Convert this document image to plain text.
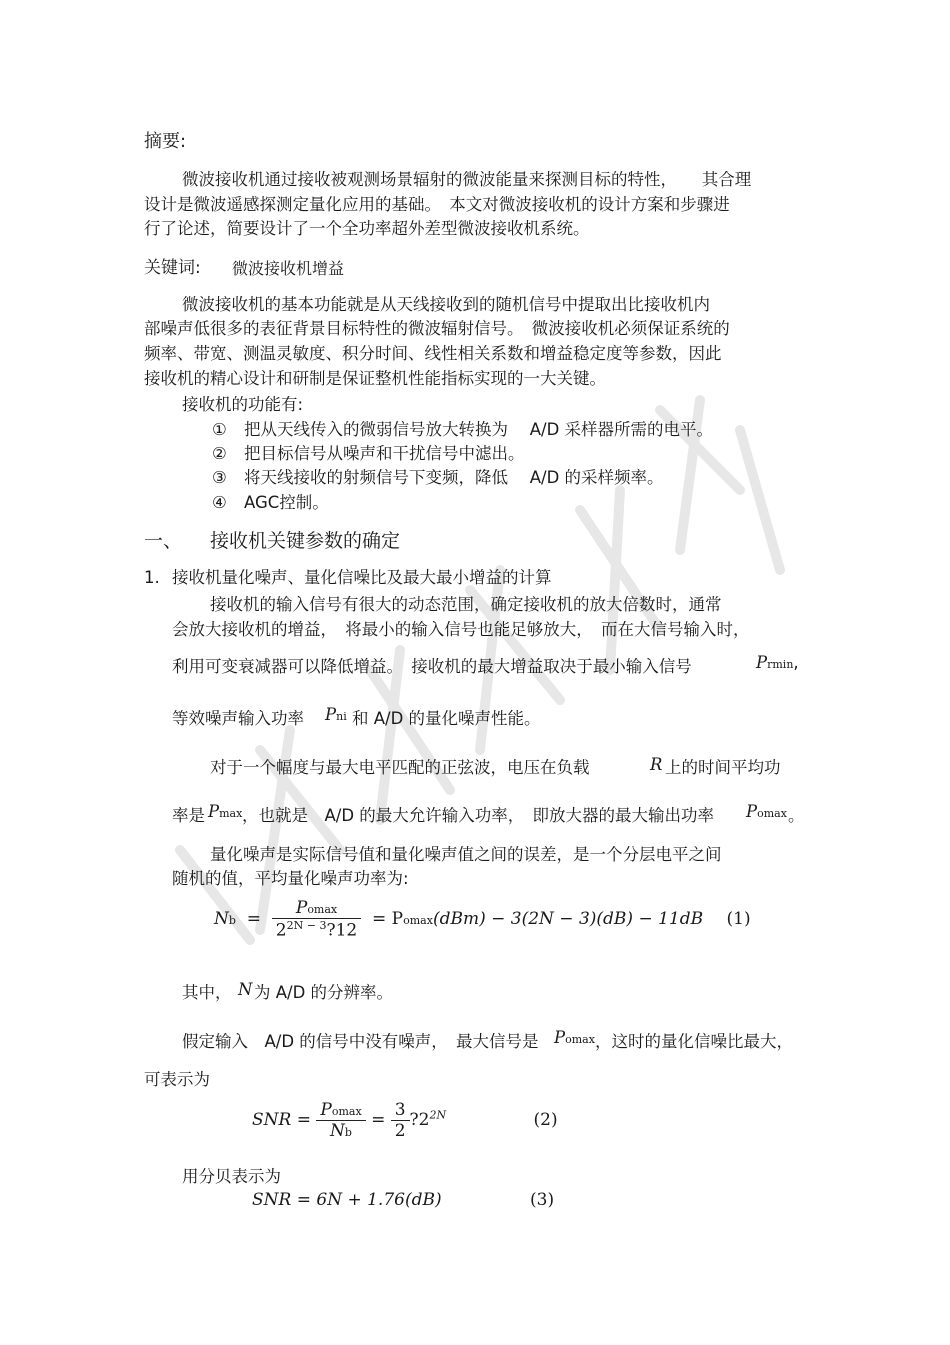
摘要:
微波接收机通过接收被观测场景辐射的微波能量来探测目标的特性，　　其合理
设计是微波遥感探测定量化应用的基础。　本文对微波接收机的设计方案和步骤进
行了论述，简要设计了一个全功率超外差型微波接收机系统。
关键词: 微波接收机增益
微波接收机的基本功能就是从天线接收到的随机信号中提取出比接收机内
部噪声低很多的表征背景目标特性的微波辐射信号。　微波接收机必须保证系统的
频率、带宽、测温灵敏度、积分时间、线性相关系数和增益稳定度等参数，因此
接收机的精心设计和研制是保证整机性能指标实现的一大关键。
接收机的功能有:
① 把从天线传入的微弱信号放大转换为　 A/D 采样器所需的电平。
② 把目标信号从噪声和干扰信号中滤出。
③ 将天线接收的射频信号下变频，降低　 A/D 的采样频率。
④ AGC控制。
一、 接收机关键参数的确定
1. 接收机量化噪声、量化信噪比及最大最小增益的计算
接收机的输入信号有很大的动态范围，确定接收机的放大倍数时，通常
会放大接收机的增益，　将最小的输入信号也能足够放大，　而在大信号输入时，
利用可变衰减器可以降低增益。　接收机的最大增益取决于最小输入信号	Prmin,
等效噪声输入功率 Pni 和 A/D 的量化噪声性能。
对于一个幅度与最大电平匹配的正弦波，电压在负载	R 上的时间平均功
率是 Pmax ，也就是　A/D 的最大允许输入功率，　即放大器的最大输出功率 Pomax 。
量化噪声是实际信号值和量化噪声值之间的误差，是一个分层电平之间
随机的值，平均量化噪声功率为:
$Nb = \frac{Pomax}{2^{2N - 3}?12} = Pomax(dBm) - 3(2N - 3)(dB) - 11dB$ (1)
其中， N 为 A/D 的分辨率。
假定输入　A/D 的信号中没有噪声，　最大信号是 Pomax ，这时的量化信噪比最大，
可表示为
SNR = $\frac{Pomax}{Nb} = \frac{3}{2}$ $?2^{2N}$	(2)
用分贝表示为
SNR = 6N + 1.76(dB)	(3)
